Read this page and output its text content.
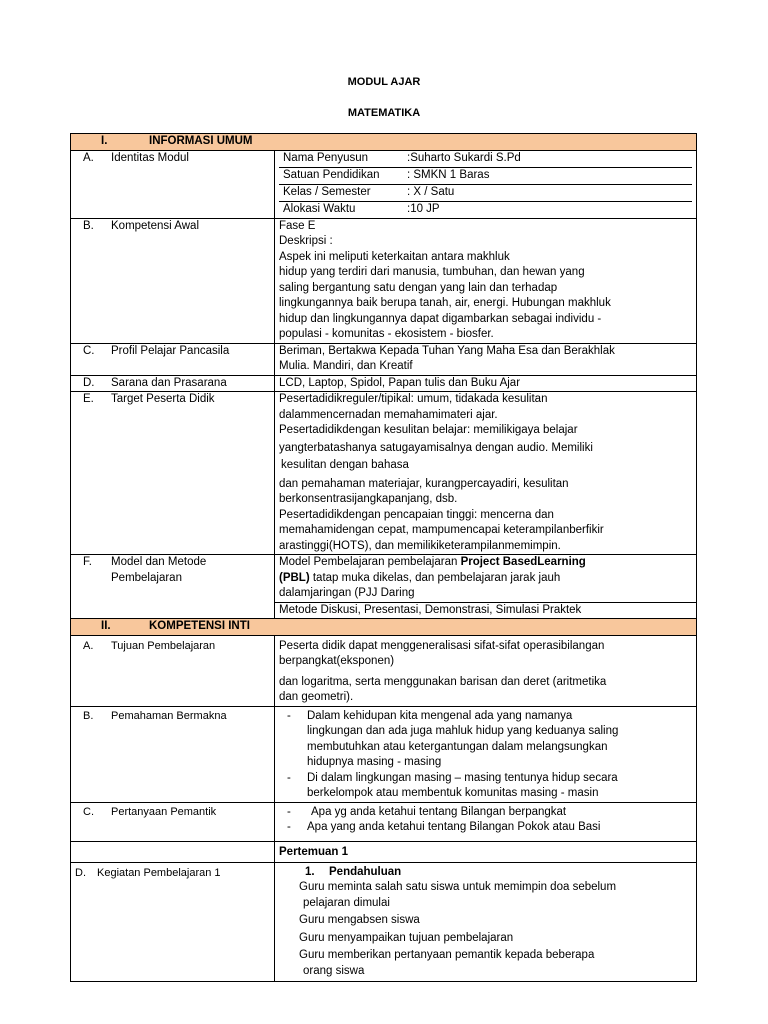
MODUL AJAR
MATEMATIKA
I.	INFORMASI UMUM

A.	Identitas Modul
		Nama Penyusun	:Suharto Sukardi S.Pd
Satuan Pendidikan : SMKN 1 Baras
Kelas / Semester	: X / Satu
Alokasi Waktu	:10 JP

B.	Kompetensi Awal	Fase E
Deskripsi :
Aspek ini meliputi keterkaitan antara makhluk
hidup yang terdiri dari manusia, tumbuhan, dan hewan yang
saling bergantung satu dengan yang lain dan terhadap
lingkungannya baik berupa tanah, air, energi. Hubungan makhluk
hidup dan lingkungannya dapat digambarkan sebagai individu -
populasi - komunitas - ekosistem - biosfer.

C.	Profil Pelajar Pancasila	Beriman, Bertakwa Kepada Tuhan Yang Maha Esa dan Berakhlak
Mulia. Mandiri, dan Kreatif

D.	Sarana dan Prasarana	LCD, Laptop, Spidol, Papan tulis dan Buku Ajar

E.	Target Peserta Didik	Pesertadidikreguler/tipikal: umum, tidakada kesulitan
dalammencernadan memahamimateri ajar.
Pesertadidikdengan kesulitan belajar: memilikigaya belajar
yangterbatashanya satugayamisalnya dengan audio. Memiliki
kesulitan dengan bahasa
dan pemahaman materiajar, kurangpercayadiri, kesulitan
berkonsentrasijangkapanjang, dsb.
Pesertadidikdengan pencapaian tinggi: mencerna dan
memahamidengan cepat, mampumencapai keterampilanberfikir
arastinggi(HOTS), dan memilikiketerampilanmemimpin.

F.	Model dan Metode
Pembelajaran

Model Pembelajaran pembelajaran Project BasedLearning
(PBL) tatap muka dikelas, dan pembelajaran jarak jauh
dalamjaringan (PJJ Daring

Metode Diskusi, Presentasi, Demonstrasi, Simulasi Praktek

II.	KOMPETENSI INTI

A.	Tujuan Pembelajaran	Peserta didik dapat menggeneralisasi sifat-sifat operasibilangan
berpangkat(eksponen)
dan logaritma, serta menggunakan barisan dan deret (aritmetika
dan geometri).

B.	Pemahaman Bermakna	-	Dalam kehidupan kita mengenal ada yang namanya
lingkungan dan ada juga mahluk hidup yang keduanya saling
membutuhkan atau ketergantungan dalam melangsungkan
hidupnya masing - masing
-	Di dalam lingkungan masing – masing tentunya hidup secara
berkelompok atau membentuk komunitas masing - masin

C.	Pertanyaan Pemantik	-	Apa yg anda ketahui tentang Bilangan berpangkat
-	Apa yang anda ketahui tentang Bilangan Pokok atau Basi

	Pertemuan 1

D.	Kegiatan Pembelajaran 1	1. Pendahuluan
Guru meminta salah satu siswa untuk memimpin doa sebelum
pelajaran dimulai
Guru mengabsen siswa
Guru menyampaikan tujuan pembelajaran
Guru memberikan pertanyaan pemantik kepada beberapa
orang siswa
